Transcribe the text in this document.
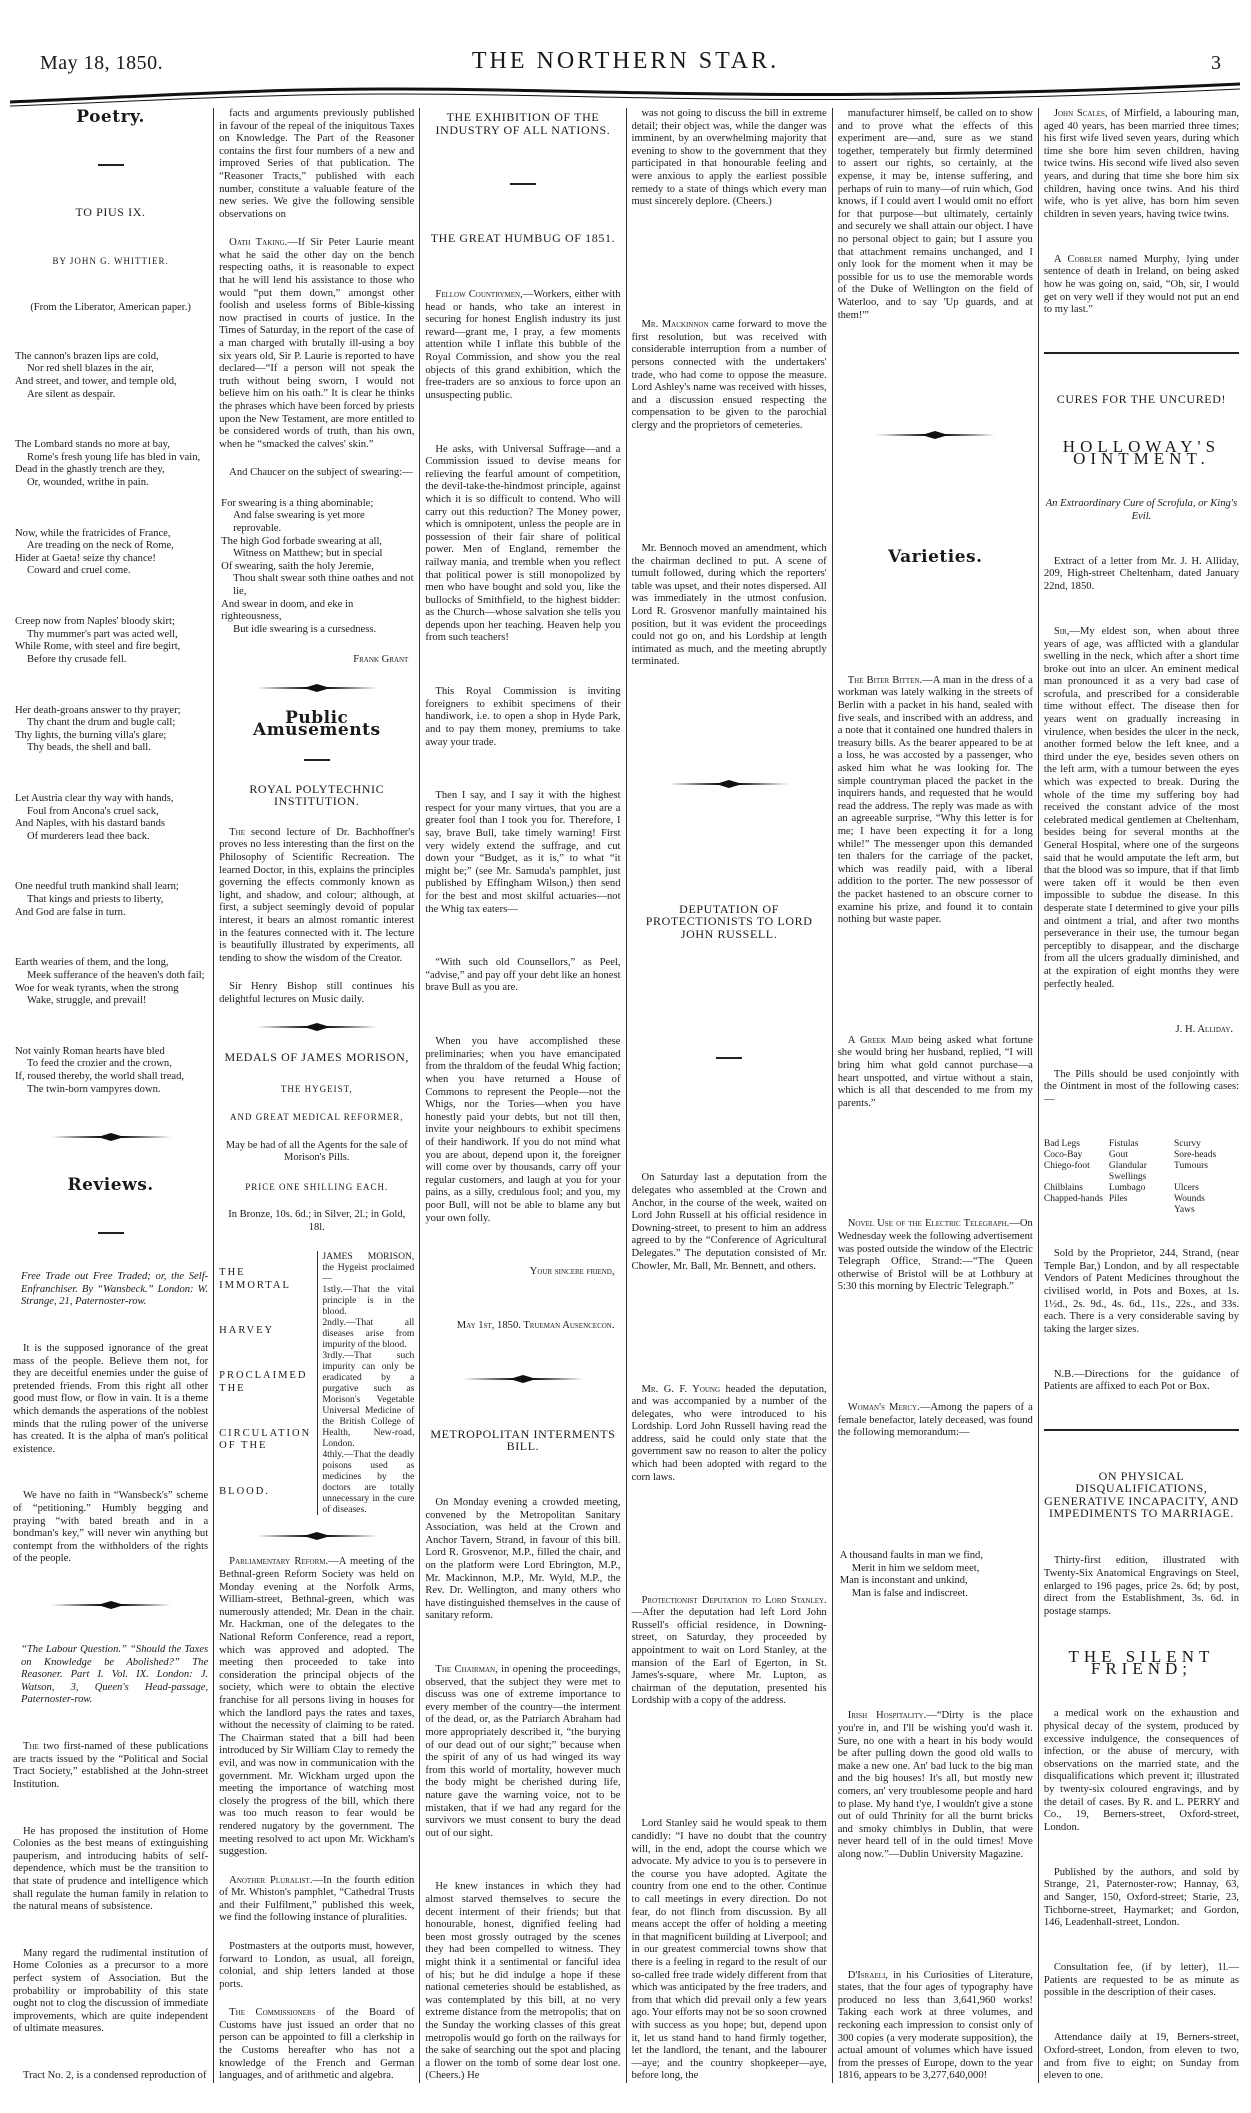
May 18, 1850.	THE NORTHERN STAR.	3
Poetry.
TO PIUS IX.
BY JOHN G. WHITTIER.
(From the Liberator, American paper.)
The cannon's brazen lips are cold,
Nor red shell blazes in the air,
And street, and tower, and temple old,
Are silent as despair.
The Lombard stands no more at bay,
Rome's fresh young life has bled in vain,
Dead in the ghastly trench are they,
Or, wounded, writhe in pain.
Now, while the fratricides of France,
Are treading on the neck of Rome,
Hider at Gaeta! seize thy chance!
Coward and cruel come.
Creep now from Naples' bloody skirt;
Thy mummer's part was acted well,
While Rome, with steel and fire begirt,
Before thy crusade fell.
Her death-groans answer to thy prayer;
Thy chant the drum and bugle call;
Thy lights, the burning villa's glare;
Thy beads, the shell and ball.
Let Austria clear thy way with hands,
Foul from Ancona's cruel sack,
And Naples, with his dastard bands
Of murderers lead thee back.
One needful truth mankind shall learn;
That kings and priests to liberty,
And God are false in turn.
Earth wearies of them, and the long,
Meek sufferance of the heaven's doth fail;
Woe for weak tyrants, when the strong
Wake, struggle, and prevail!
Not vainly Roman hearts have bled
To feed the crozier and the crown,
If, roused thereby, the world shall tread,
The twin-born vampyres down.
Reviews.
Free Trade out Free Traded; or, the Self-Enfranchiser. By “Wansbeck.” London: W. Strange, 21, Paternoster-row.
It is the supposed ignorance of the great mass of the people. Believe them not, for they are deceitful enemies under the guise of pretended friends. From this right all other good must flow, or flow in vain. It is a theme which demands the asperations of the noblest minds that the ruling power of the universe has created. It is the alpha of man's political existence.
We have no faith in “Wansbeck's” scheme of “petitioning.” Humbly begging and praying “with bated breath and in a bondman's key,” will never win anything but contempt from the withholders of the rights of the people.
“The Labour Question.” “Should the Taxes on Knowledge be Abolished?” The Reasoner. Part I. Vol. IX. London: J. Watson, 3, Queen's Head-passage, Paternoster-row.
The two first-named of these publications are tracts issued by the “Political and Social Tract Society,” established at the John-street Institution.
He has proposed the institution of Home Colonies as the best means of extinguishing pauperism, and introducing habits of self-dependence, which must be the transition to that state of prudence and intelligence which shall regulate the human family in relation to the natural means of subsistence.
Many regard the rudimental institution of Home Colonies as a precursor to a more perfect system of Association. But the probability or improbability of this state ought not to clog the discussion of immediate improvements, which are quite independent of ultimate measures.
Tract No. 2, is a condensed reproduction of
facts and arguments previously published in favour of the repeal of the iniquitous Taxes on Knowledge. The Part of the Reasoner contains the first four numbers of a new and improved Series of that publication. The “Reasoner Tracts,” published with each number, constitute a valuable feature of the new series. We give the following sensible observations on
Oath Taking.—If Sir Peter Laurie meant what he said the other day on the bench respecting oaths, it is reasonable to expect that he will lend his assistance to those who would “put them down,” amongst other foolish and useless forms of Bible-kissing now practised in courts of justice. In the Times of Saturday, in the report of the case of a man charged with brutally ill-using a boy six years old, Sir P. Laurie is reported to have declared—“If a person will not speak the truth without being sworn, I would not believe him on his oath.” It is clear he thinks the phrases which have been forced by priests upon the New Testament, are more entitled to be considered words of truth, than his own, when he “smacked the calves' skin.”
And Chaucer on the subject of swearing:—
For swearing is a thing abominable;
And false swearing is yet more reprovable.
The high God forbade swearing at all,
Witness on Matthew; but in special
Of swearing, saith the holy Jeremie,
Thou shalt swear soth thine oathes and not lie,
And swear in doom, and eke in righteousness,
But idle swearing is a cursedness.
Frank Grant
Public Amusements
ROYAL POLYTECHNIC INSTITUTION.
The second lecture of Dr. Bachhoffner's proves no less interesting than the first on the Philosophy of Scientific Recreation. The learned Doctor, in this, explains the principles governing the effects commonly known as light, and shadow, and colour; although, at first, a subject seemingly devoid of popular interest, it bears an almost romantic interest in the features connected with it. The lecture is beautifully illustrated by experiments, all tending to show the wisdom of the Creator.
Sir Henry Bishop still continues his delightful lectures on Music daily.
MEDALS OF JAMES MORISON,
THE HYGEIST,
AND GREAT MEDICAL REFORMER,
May be had of all the Agents for the sale of Morison's Pills.
PRICE ONE SHILLING EACH.
In Bronze, 10s. 6d.; in Silver, 2l.; in Gold, 18l.
THE IMMORTAL
HARVEY
PROCLAIMED THE
CIRCULATION OF THE
BLOOD.
JAMES MORISON, the Hygeist proclaimed—
1stly.—That the vital principle is in the blood.
2ndly.—That all diseases arise from impurity of the blood.
3rdly.—That such impurity can only be eradicated by a purgative such as Morison's Vegetable Universal Medicine of the British College of Health, New-road, London.
4thly.—That the deadly poisons used as medicines by the doctors are totally unnecessary in the cure of diseases.
Parliamentary Reform.—A meeting of the Bethnal-green Reform Society was held on Monday evening at the Norfolk Arms, William-street, Bethnal-green, which was numerously attended; Mr. Dean in the chair. Mr. Hackman, one of the delegates to the National Reform Conference, read a report, which was approved and adopted. The meeting then proceeded to take into consideration the principal objects of the society, which were to obtain the elective franchise for all persons living in houses for which the landlord pays the rates and taxes, without the necessity of claiming to be rated. The Chairman stated that a bill had been introduced by Sir William Clay to remedy the evil, and was now in communication with the government. Mr. Wickham urged upon the meeting the importance of watching most closely the progress of the bill, which there was too much reason to fear would be rendered nugatory by the government. The meeting resolved to act upon Mr. Wickham's suggestion.
Another Pluralist.—In the fourth edition of Mr. Whiston's pamphlet, “Cathedral Trusts and their Fulfilment,” published this week, we find the following instance of pluralities.
Postmasters at the outports must, however, forward to London, as usual, all foreign, colonial, and ship letters landed at those ports.
The Commissioners of the Board of Customs have just issued an order that no person can be appointed to fill a clerkship in the Customs hereafter who has not a knowledge of the French and German languages, and of arithmetic and algebra.
THE EXHIBITION OF THE INDUSTRY OF ALL NATIONS.
THE GREAT HUMBUG OF 1851.
Fellow Countrymen,—Workers, either with head or hands, who take an interest in securing for honest English industry its just reward—grant me, I pray, a few moments attention while I inflate this bubble of the Royal Commission, and show you the real objects of this grand exhibition, which the free-traders are so anxious to force upon an unsuspecting public.
He asks, with Universal Suffrage—and a Commission issued to devise means for relieving the fearful amount of competition, the devil-take-the-hindmost principle, against which it is so difficult to contend. Who will carry out this reduction? The Money power, which is omnipotent, unless the people are in possession of their fair share of political power. Men of England, remember the railway mania, and tremble when you reflect that political power is still monopolized by men who have bought and sold you, like the bullocks of Smithfield, to the highest bidder: as the Church—whose salvation she tells you depends upon her teaching. Heaven help you from such teachers!
This Royal Commission is inviting foreigners to exhibit specimens of their handiwork, i.e. to open a shop in Hyde Park, and to pay them money, premiums to take away your trade.
Then I say, and I say it with the highest respect for your many virtues, that you are a greater fool than I took you for. Therefore, I say, brave Bull, take timely warning! First very widely extend the suffrage, and cut down your “Budget, as it is,” to what “it might be;” (see Mr. Samuda's pamphlet, just published by Effingham Wilson,) then send for the best and most skilful actuaries—not the Whig tax eaters—
“With such old Counsellors,” as Peel, “advise,” and pay off your debt like an honest brave Bull as you are.
When you have accomplished these preliminaries; when you have emancipated from the thraldom of the feudal Whig faction; when you have returned a House of Commons to represent the People—not the Whigs, nor the Tories—when you have honestly paid your debts, but not till then, invite your neighbours to exhibit specimens of their handiwork. If you do not mind what you are about, depend upon it, the foreigner will come over by thousands, carry off your regular customers, and laugh at you for your pains, as a silly, credulous fool; and you, my poor Bull, will not be able to blame any but your own folly.
Your sincere friend,
May 1st, 1850. Trueman Ausencecon.
METROPOLITAN INTERMENTS BILL.
On Monday evening a crowded meeting, convened by the Metropolitan Sanitary Association, was held at the Crown and Anchor Tavern, Strand, in favour of this bill. Lord R. Grosvenor, M.P., filled the chair, and on the platform were Lord Ebrington, M.P., Mr. Mackinnon, M.P., Mr. Wyld, M.P., the Rev. Dr. Wellington, and many others who have distinguished themselves in the cause of sanitary reform.
The Chairman, in opening the proceedings, observed, that the subject they were met to discuss was one of extreme importance to every member of the country—the interment of the dead, or, as the Patriarch Abraham had more appropriately described it, “the burying of our dead out of our sight;” because when the spirit of any of us had winged its way from this world of mortality, however much the body might be cherished during life, nature gave the warning voice, not to be mistaken, that if we had any regard for the survivors we must consent to bury the dead out of our sight.
He knew instances in which they had almost starved themselves to secure the decent interment of their friends; but that honourable, honest, dignified feeling had been most grossly outraged by the scenes they had been compelled to witness. They might think it a sentimental or fanciful idea of his; but he did indulge a hope if these national cemeteries should be established, as was contemplated by this bill, at no very extreme distance from the metropolis; that on the Sunday the working classes of this great metropolis would go forth on the railways for the sake of searching out the spot and placing a flower on the tomb of some dear lost one. (Cheers.) He
was not going to discuss the bill in extreme detail; their object was, while the danger was imminent, by an overwhelming majority that evening to show to the government that they participated in that honourable feeling and were anxious to apply the earliest possible remedy to a state of things which every man must sincerely deplore. (Cheers.)
Mr. Mackinnon came forward to move the first resolution, but was received with considerable interruption from a number of persons connected with the undertakers' trade, who had come to oppose the measure. Lord Ashley's name was received with hisses, and a discussion ensued respecting the compensation to be given to the parochial clergy and the proprietors of cemeteries.
Mr. Bennoch moved an amendment, which the chairman declined to put. A scene of tumult followed, during which the reporters' table was upset, and their notes dispersed. All was immediately in the utmost confusion. Lord R. Grosvenor manfully maintained his position, but it was evident the proceedings could not go on, and his Lordship at length intimated as much, and the meeting abruptly terminated.
DEPUTATION OF PROTECTIONISTS TO LORD JOHN RUSSELL.
On Saturday last a deputation from the delegates who assembled at the Crown and Anchor, in the course of the week, waited on Lord John Russell at his official residence in Downing-street, to present to him an address agreed to by the “Conference of Agricultural Delegates.” The deputation consisted of Mr. Chowler, Mr. Ball, Mr. Bennett, and others.
Mr. G. F. Young headed the deputation, and was accompanied by a number of the delegates, who were introduced to his Lordship. Lord John Russell having read the address, said he could only state that the government saw no reason to alter the policy which had been adopted with regard to the corn laws.
Protectionist Deputation to Lord Stanley.—After the deputation had left Lord John Russell's official residence, in Downing-street, on Saturday, they proceeded by appointment to wait on Lord Stanley, at the mansion of the Earl of Egerton, in St. James's-square, where Mr. Lupton, as chairman of the deputation, presented his Lordship with a copy of the address.
Lord Stanley said he would speak to them candidly: “I have no doubt that the country will, in the end, adopt the course which we advocate. My advice to you is to persevere in the course you have adopted. Agitate the country from one end to the other. Continue to call meetings in every direction. Do not fear, do not flinch from discussion. By all means accept the offer of holding a meeting in that magnificent building at Liverpool; and in our greatest commercial towns show that there is a feeling in regard to the result of our so-called free trade widely different from that which was anticipated by the free traders, and from that which did prevail only a few years ago. Your efforts may not be so soon crowned with success as you hope; but, depend upon it, let us stand hand to hand firmly together, let the landlord, the tenant, and the labourer—aye; and the country shopkeeper—aye, before long, the
manufacturer himself, be called on to show and to prove what the effects of this experiment are—and, sure as we stand together, temperately but firmly determined to assert our rights, so certainly, at the expense, it may be, intense suffering, and perhaps of ruin to many—of ruin which, God knows, if I could avert I would omit no effort for that purpose—but ultimately, certainly and securely we shall attain our object. I have no personal object to gain; but I assure you that attachment remains unchanged, and I only look for the moment when it may be possible for us to use the memorable words of the Duke of Wellington on the field of Waterloo, and to say 'Up guards, and at them!'”
Varieties.
The Biter Bitten.—A man in the dress of a workman was lately walking in the streets of Berlin with a packet in his hand, sealed with five seals, and inscribed with an address, and a note that it contained one hundred thalers in treasury bills. As the bearer appeared to be at a loss, he was accosted by a passenger, who asked him what he was looking for. The simple countryman placed the packet in the inquirers hands, and requested that he would read the address. The reply was made as with an agreeable surprise, “Why this letter is for me; I have been expecting it for a long while!” The messenger upon this demanded ten thalers for the carriage of the packet, which was readily paid, with a liberal addition to the porter. The new possessor of the packet hastened to an obscure corner to examine his prize, and found it to contain nothing but waste paper.
A Greek Maid being asked what fortune she would bring her husband, replied, “I will bring him what gold cannot purchase—a heart unspotted, and virtue without a stain, which is all that descended to me from my parents.”
Novel Use of the Electric Telegraph.—On Wednesday week the following advertisement was posted outside the window of the Electric Telegraph Office, Strand:—“The Queen otherwise of Bristol will be at Lothbury at 5:30 this morning by Electric Telegraph.”
Woman's Mercy.—Among the papers of a female benefactor, lately deceased, was found the following memorandum:—
A thousand faults in man we find,
Merit in him we seldom meet,
Man is inconstant and unkind,
Man is false and indiscreet.
Irish Hospitality.—“Dirty is the place you're in, and I'll be wishing you'd wash it. Sure, no one with a heart in his body would be after pulling down the good old walls to make a new one. An' bad luck to the big man and the big houses! It's all, but mostly new comers, an' very troublesome people and hard to plase. My hand t'ye, I wouldn't give a stone out of ould Thrinity for all the burnt bricks and smoky chimblys in Dublin, that were never heard tell of in the ould times! Move along now.”—Dublin University Magazine.
D'Israeli, in his Curiosities of Literature, states, that the four ages of typography have produced no less than 3,641,960 works! Taking each work at three volumes, and reckoning each impression to consist only of 300 copies (a very moderate supposition), the actual amount of volumes which have issued from the presses of Europe, down to the year 1816, appears to be 3,277,640,000!
John Scales, of Mirfield, a labouring man, aged 40 years, has been married three times; his first wife lived seven years, during which time she bore him seven children, having twice twins. His second wife lived also seven years, and during that time she bore him six children, having once twins. And his third wife, who is yet alive, has born him seven children in seven years, having twice twins.
A Cobbler named Murphy, lying under sentence of death in Ireland, on being asked how he was going on, said, “Oh, sir, I would get on very well if they would not put an end to my last.”
CURES FOR THE UNCURED!
HOLLOWAY'S OINTMENT.
An Extraordinary Cure of Scrofula, or King's Evil.
Extract of a letter from Mr. J. H. Alliday, 209, High-street Cheltenham, dated January 22nd, 1850.
Sir,—My eldest son, when about three years of age, was afflicted with a glandular swelling in the neck, which after a short time broke out into an ulcer. An eminent medical man pronounced it as a very bad case of scrofula, and prescribed for a considerable time without effect. The disease then for years went on gradually increasing in virulence, when besides the ulcer in the neck, another formed below the left knee, and a third under the eye, besides seven others on the left arm, with a tumour between the eyes which was expected to break. During the whole of the time my suffering boy had received the constant advice of the most celebrated medical gentlemen at Cheltenham, besides being for several months at the General Hospital, where one of the surgeons said that he would amputate the left arm, but that the blood was so impure, that if that limb were taken off it would be then even impossible to subdue the disease. In this desperate state I determined to give your pills and ointment a trial, and after two months perseverance in their use, the tumour began perceptibly to disappear, and the discharge from all the ulcers gradually diminished, and at the expiration of eight months they were perfectly healed.
J. H. Alliday.
The Pills should be used conjointly with the Ointment in most of the following cases:—
Bad Legs	Fistulas	Scurvy
Coco-Bay	Gout	Sore-heads
Chiego-foot	Glandular Swellings
Tumours
Chilblains	Lumbago	Ulcers
Chapped-hands Piles	Wounds
Yaws
Sold by the Proprietor, 244, Strand, (near Temple Bar,) London, and by all respectable Vendors of Patent Medicines throughout the civilised world, in Pots and Boxes, at 1s. 1½d., 2s. 9d., 4s. 6d., 11s., 22s., and 33s. each. There is a very considerable saving by taking the larger sizes.
N.B.—Directions for the guidance of Patients are affixed to each Pot or Box.
ON PHYSICAL DISQUALIFICATIONS, GENERATIVE INCAPACITY, AND IMPEDIMENTS TO MARRIAGE.
Thirty-first edition, illustrated with Twenty-Six Anatomical Engravings on Steel, enlarged to 196 pages, price 2s. 6d; by post, direct from the Establishment, 3s. 6d. in postage stamps.
THE SILENT FRIEND;
a medical work on the exhaustion and physical decay of the system, produced by excessive indulgence, the consequences of infection, or the abuse of mercury, with observations on the married state, and the disqualifications which prevent it; illustrated by twenty-six coloured engravings, and by the detail of cases. By R. and L. PERRY and Co., 19, Berners-street, Oxford-street, London.
Published by the authors, and sold by Strange, 21, Paternoster-row; Hannay, 63, and Sanger, 150, Oxford-street; Starie, 23, Tichborne-street, Haymarket; and Gordon, 146, Leadenhall-street, London.
Consultation fee, (if by letter), 1l.—Patients are requested to be as minute as possible in the description of their cases.
Attendance daily at 19, Berners-street, Oxford-street, London, from eleven to two, and from five to eight; on Sunday from eleven to one.
